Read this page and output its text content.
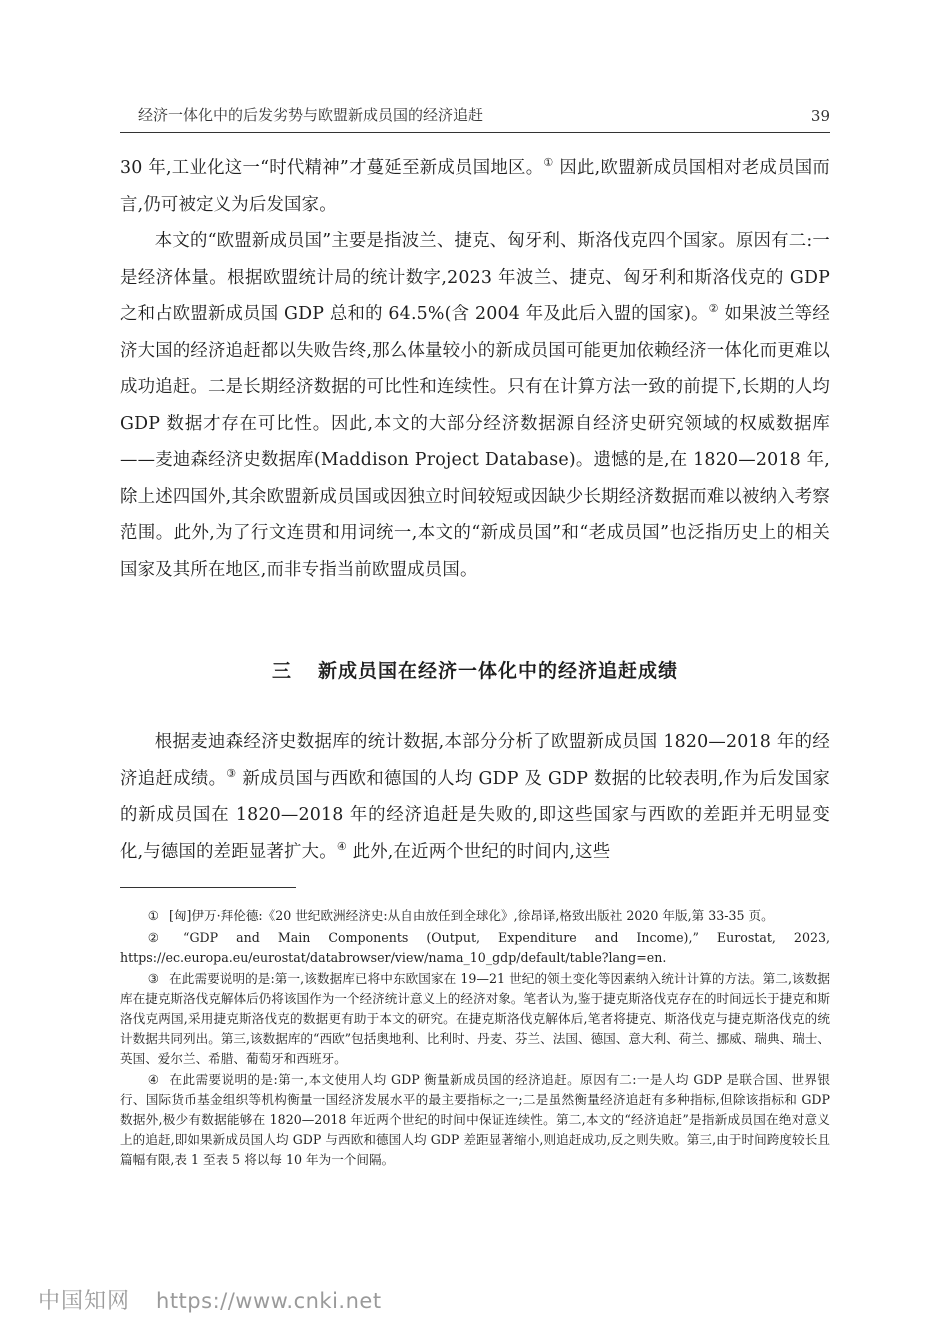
经济一体化中的后发劣势与欧盟新成员国的经济追赶	39

30 年,工业化这一“时代精神”才蔓延至新成员国地区。① 因此,欧盟新成员国相对老成员国而言,仍可被定义为后发国家。

本文的“欧盟新成员国”主要是指波兰、捷克、匈牙利、斯洛伐克四个国家。原因有二:一是经济体量。根据欧盟统计局的统计数字,2023 年波兰、捷克、匈牙利和斯洛伐克的 GDP 之和占欧盟新成员国 GDP 总和的 64.5%(含 2004 年及此后入盟的国家)。② 如果波兰等经济大国的经济追赶都以失败告终,那么体量较小的新成员国可能更加依赖经济一体化而更难以成功追赶。二是长期经济数据的可比性和连续性。只有在计算方法一致的前提下,长期的人均 GDP 数据才存在可比性。因此,本文的大部分经济数据源自经济史研究领域的权威数据库——麦迪森经济史数据库(Maddison Project Database)。遗憾的是,在 1820—2018 年,除上述四国外,其余欧盟新成员国或因独立时间较短或因缺少长期经济数据而难以被纳入考察范围。此外,为了行文连贯和用词统一,本文的“新成员国”和“老成员国”也泛指历史上的相关国家及其所在地区,而非专指当前欧盟成员国。

三 新成员国在经济一体化中的经济追赶成绩

根据麦迪森经济史数据库的统计数据,本部分分析了欧盟新成员国 1820—2018 年的经济追赶成绩。③ 新成员国与西欧和德国的人均 GDP 及 GDP 数据的比较表明,作为后发国家的新成员国在 1820—2018 年的经济追赶是失败的,即这些国家与西欧的差距并无明显变化,与德国的差距显著扩大。④ 此外,在近两个世纪的时间内,这些

① [匈]伊万·拜伦德:《20 世纪欧洲经济史:从自由放任到全球化》,徐昂译,格致出版社 2020 年版,第 33-35 页。

② “GDP and Main Components (Output, Expenditure and Income),” Eurostat, 2023, https://ec.europa.eu/eurostat/databrowser/view/nama_10_gdp/default/table?lang=en.

③ 在此需要说明的是:第一,该数据库已将中东欧国家在 19—21 世纪的领土变化等因素纳入统计计算的方法。第二,该数据库在捷克斯洛伐克解体后仍将该国作为一个经济统计意义上的经济对象。笔者认为,鉴于捷克斯洛伐克存在的时间远长于捷克和斯洛伐克两国,采用捷克斯洛伐克的数据更有助于本文的研究。在捷克斯洛伐克解体后,笔者将捷克、斯洛伐克与捷克斯洛伐克的统计数据共同列出。第三,该数据库的“西欧”包括奥地利、比利时、丹麦、芬兰、法国、德国、意大利、荷兰、挪威、瑞典、瑞士、英国、爱尔兰、希腊、葡萄牙和西班牙。

④ 在此需要说明的是:第一,本文使用人均 GDP 衡量新成员国的经济追赶。原因有二:一是人均 GDP 是联合国、世界银行、国际货币基金组织等机构衡量一国经济发展水平的最主要指标之一;二是虽然衡量经济追赶有多种指标,但除该指标和 GDP 数据外,极少有数据能够在 1820—2018 年近两个世纪的时间中保证连续性。第二,本文的“经济追赶”是指新成员国在绝对意义上的追赶,即如果新成员国人均 GDP 与西欧和德国人均 GDP 差距显著缩小,则追赶成功,反之则失败。第三,由于时间跨度较长且篇幅有限,表 1 至表 5 将以每 10 年为一个间隔。

中国知网 https://www.cnki.net
